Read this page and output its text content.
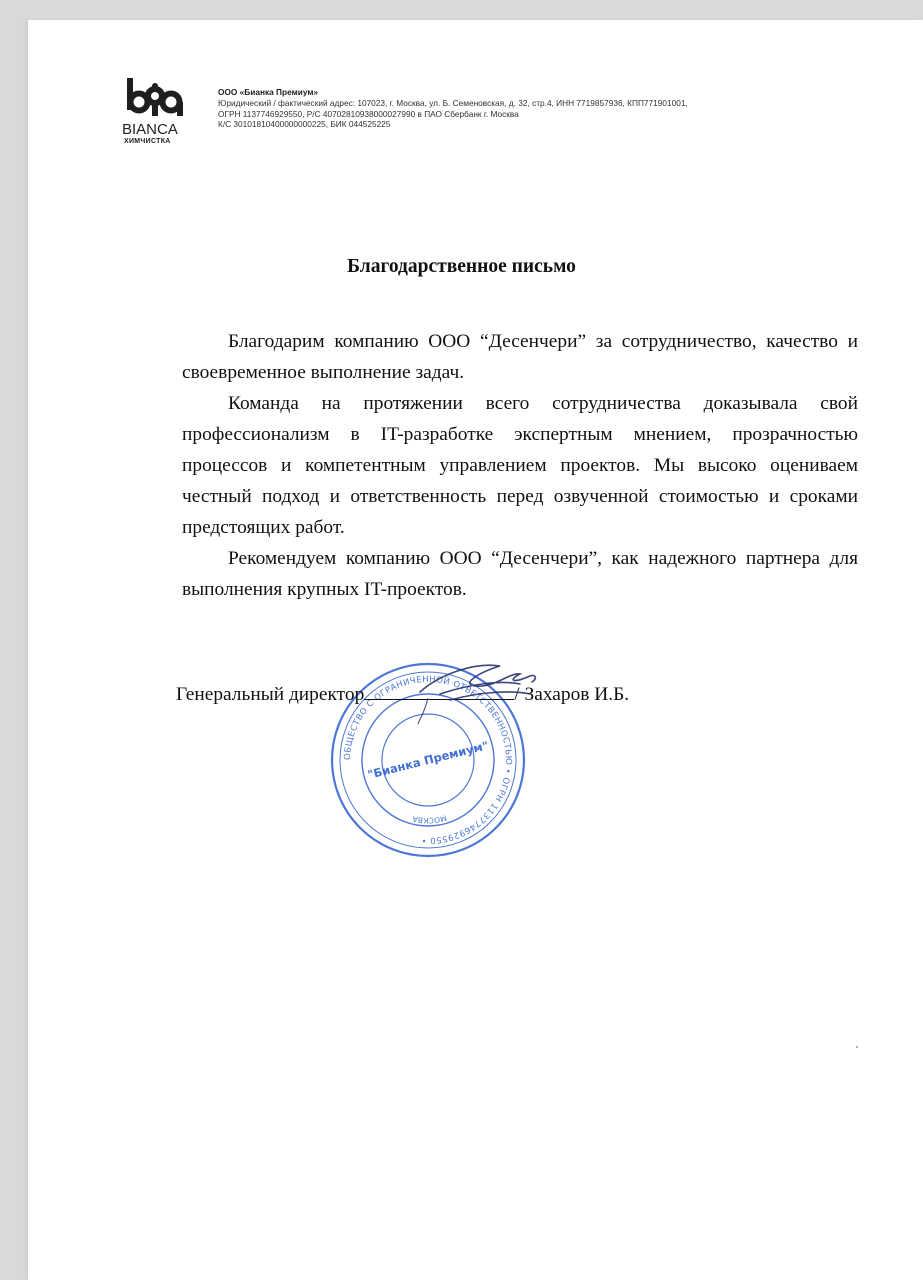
BIANCA
ХИМЧИСТКА
ООО «Бианка Премиум»
Юридический / фактический адрес: 107023, г. Москва, ул. Б. Семеновская, д. 32, стр.4, ИНН 7719857936, КПП771901001,
ОГРН 1137746929550, Р/С 40702810938000027990 в ПАО Сбербанк г. Москва
К/С 30101810400000000225, БИК 044525225
Благодарственное письмо

Благодарим компанию ООО “Десенчери” за сотрудничество, качество и своевременное выполнение задач.

Команда на протяжении всего сотрудничества доказывала свой профессионализм в IT-разработке экспертным мнением, прозрачностью процессов и компетентным управлением проектов. Мы высоко оцениваем честный подход и ответственность перед озвученной стоимостью и сроками предстоящих работ.

Рекомендуем компанию ООО “Десенчери”, как надежного партнера для выполнения крупных IT-проектов.

ОБЩЕСТВО С ОГРАНИЧЕННОЙ ОТВЕТСТВЕННОСТЬЮ • ОГРН 1137746929550 •
МОСКВА
"Бианка Премиум"
Генеральный директор	/ Захаров И.Б.
